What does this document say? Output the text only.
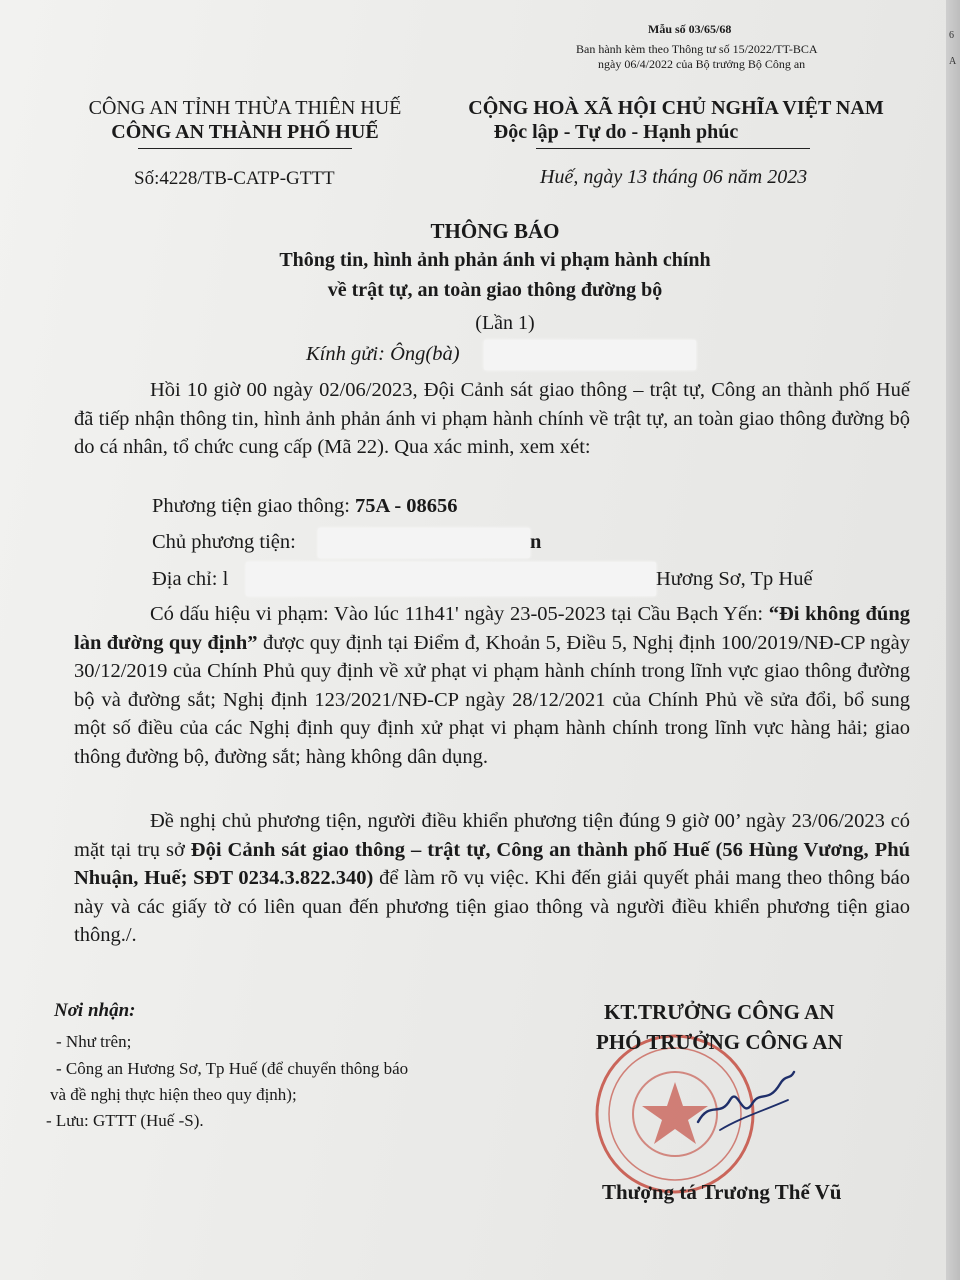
Mẫu số 03/65/68
Ban hành kèm theo Thông tư số 15/2022/TT-BCA
ngày 06/4/2022 của Bộ trưởng Bộ Công an
CÔNG AN TỈNH THỪA THIÊN HUẾ
CÔNG AN THÀNH PHỐ HUẾ
Số:4228/TB-CATP-GTTT
CỘNG HOÀ XÃ HỘI CHỦ NGHĨA VIỆT NAM
Độc lập - Tự do - Hạnh phúc
Huế, ngày 13 tháng 06 năm 2023
THÔNG BÁO
Thông tin, hình ảnh phản ánh vi phạm hành chính
về trật tự, an toàn giao thông đường bộ
(Lần 1)
Kính gửi: Ông(bà)
Hồi 10 giờ 00 ngày 02/06/2023, Đội Cảnh sát giao thông – trật tự, Công an thành phố Huế đã tiếp nhận thông tin, hình ảnh phản ánh vi phạm hành chính về trật tự, an toàn giao thông đường bộ do cá nhân, tổ chức cung cấp (Mã 22). Qua xác minh, xem xét:
Phương tiện giao thông: 75A - 08656
Chủ phương tiện:	n
Địa chỉ: l	Hương Sơ, Tp Huế
Có dấu hiệu vi phạm: Vào lúc 11h41' ngày 23-05-2023 tại Cầu Bạch Yến: “Đi không đúng làn đường quy định” được quy định tại Điểm đ, Khoản 5, Điều 5, Nghị định 100/2019/NĐ-CP ngày 30/12/2019 của Chính Phủ quy định về xử phạt vi phạm hành chính trong lĩnh vực giao thông đường bộ và đường sắt; Nghị định 123/2021/NĐ-CP ngày 28/12/2021 của Chính Phủ về sửa đổi, bổ sung một số điều của các Nghị định quy định xử phạt vi phạm hành chính trong lĩnh vực hàng hải; giao thông đường bộ, đường sắt; hàng không dân dụng.
Đề nghị chủ phương tiện, người điều khiển phương tiện đúng 9 giờ 00’ ngày 23/06/2023 có mặt tại trụ sở Đội Cảnh sát giao thông – trật tự, Công an thành phố Huế (56 Hùng Vương, Phú Nhuận, Huế; SĐT 0234.3.822.340) để làm rõ vụ việc. Khi đến giải quyết phải mang theo thông báo này và các giấy tờ có liên quan đến phương tiện giao thông và người điều khiển phương tiện giao thông./.
Nơi nhận:
- Như trên;
- Công an Hương Sơ, Tp Huế (để chuyển thông báo
và đề nghị thực hiện theo quy định);
- Lưu: GTTT (Huế -S).
KT.TRƯỞNG CÔNG AN
PHÓ TRƯỞNG CÔNG AN
Thượng tá Trương Thế Vũ
6
A
